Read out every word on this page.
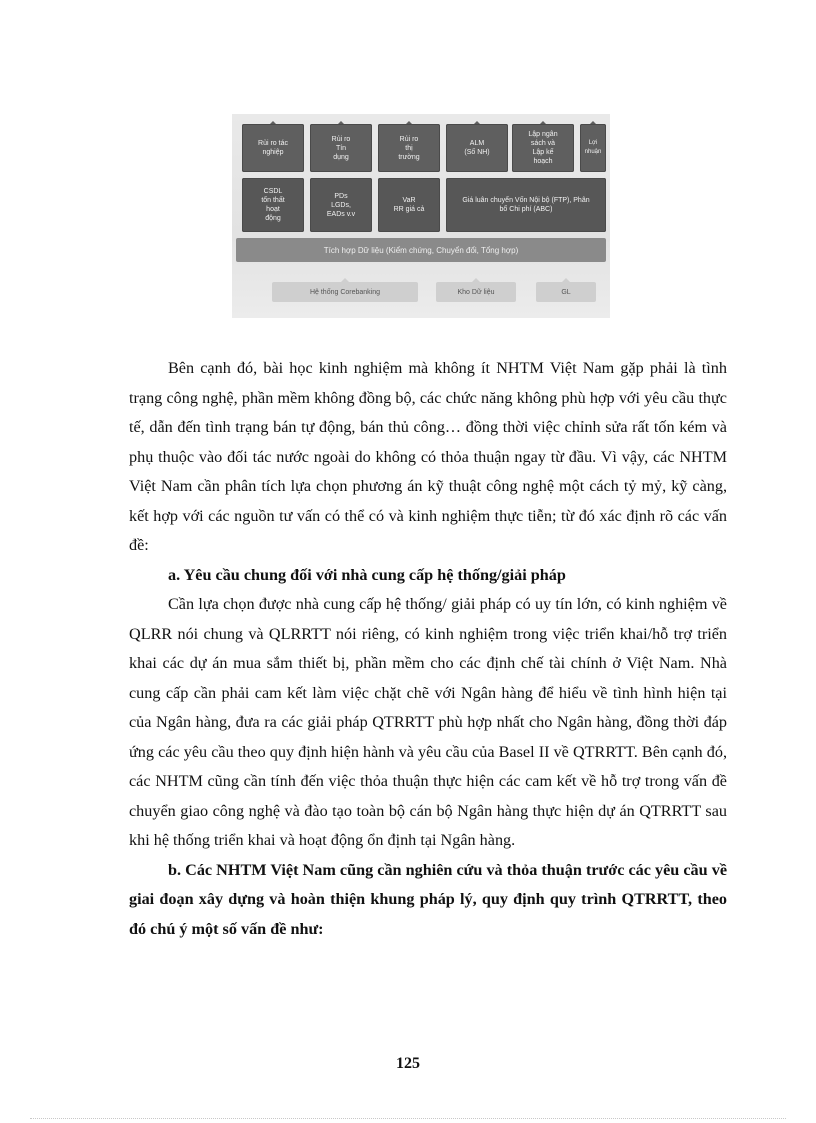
Rủi ro tác
nghiệp
Rủi ro
Tín
dụng
Rủi ro
thị
trường
ALM
(Số NH)
Lập ngân
sách và
Lập kế
hoạch
Lợi nhuận
CSDL
tổn thất
hoạt
động
PDs
LGDs,
EADs v.v
VaR
RR giá cả
Giá luân chuyển Vốn Nội bộ (FTP), Phân
bổ Chi phí (ABC)
Tích hợp Dữ liệu (Kiểm chứng, Chuyển đổi, Tổng hợp)
Hệ thống Corebanking	Kho Dữ liệu	GL

Bên cạnh đó, bài học kinh nghiệm mà không ít NHTM Việt Nam gặp phải là tình trạng công nghệ, phần mềm không đồng bộ, các chức năng không phù hợp với yêu cầu thực tế, dẫn đến tình trạng bán tự động, bán thủ công… đồng thời việc chỉnh sửa rất tốn kém và phụ thuộc vào đối tác nước ngoài do không có thỏa thuận ngay từ đầu. Vì vậy, các NHTM Việt Nam cần phân tích lựa chọn phương án kỹ thuật công nghệ một cách tỷ mỷ, kỹ càng, kết hợp với các nguồn tư vấn có thể có và kinh nghiệm thực tiễn; từ đó xác định rõ các vấn đề:

a. Yêu cầu chung đối với nhà cung cấp hệ thống/giải pháp

Cần lựa chọn được nhà cung cấp hệ thống/ giải pháp có uy tín lớn, có kinh nghiệm về QLRR nói chung và QLRRTT nói riêng, có kinh nghiệm trong việc triển khai/hỗ trợ triển khai các dự án mua sắm thiết bị, phần mềm cho các định chế tài chính ở Việt Nam. Nhà cung cấp cần phải cam kết làm việc chặt chẽ với Ngân hàng để hiểu về tình hình hiện tại của Ngân hàng, đưa ra các giải pháp QTRRTT phù hợp nhất cho Ngân hàng, đồng thời đáp ứng các yêu cầu theo quy định hiện hành và yêu cầu của Basel II về QTRRTT. Bên cạnh đó, các NHTM cũng cần tính đến việc thỏa thuận thực hiện các cam kết về hỗ trợ trong vấn đề chuyển giao công nghệ và đào tạo toàn bộ cán bộ Ngân hàng thực hiện dự án QTRRTT sau khi hệ thống triển khai và hoạt động ổn định tại Ngân hàng.

b. Các NHTM Việt Nam cũng cần nghiên cứu và thỏa thuận trước các yêu cầu về giai đoạn xây dựng và hoàn thiện khung pháp lý, quy định quy trình QTRRTT, theo đó chú ý một số vấn đề như:

125
